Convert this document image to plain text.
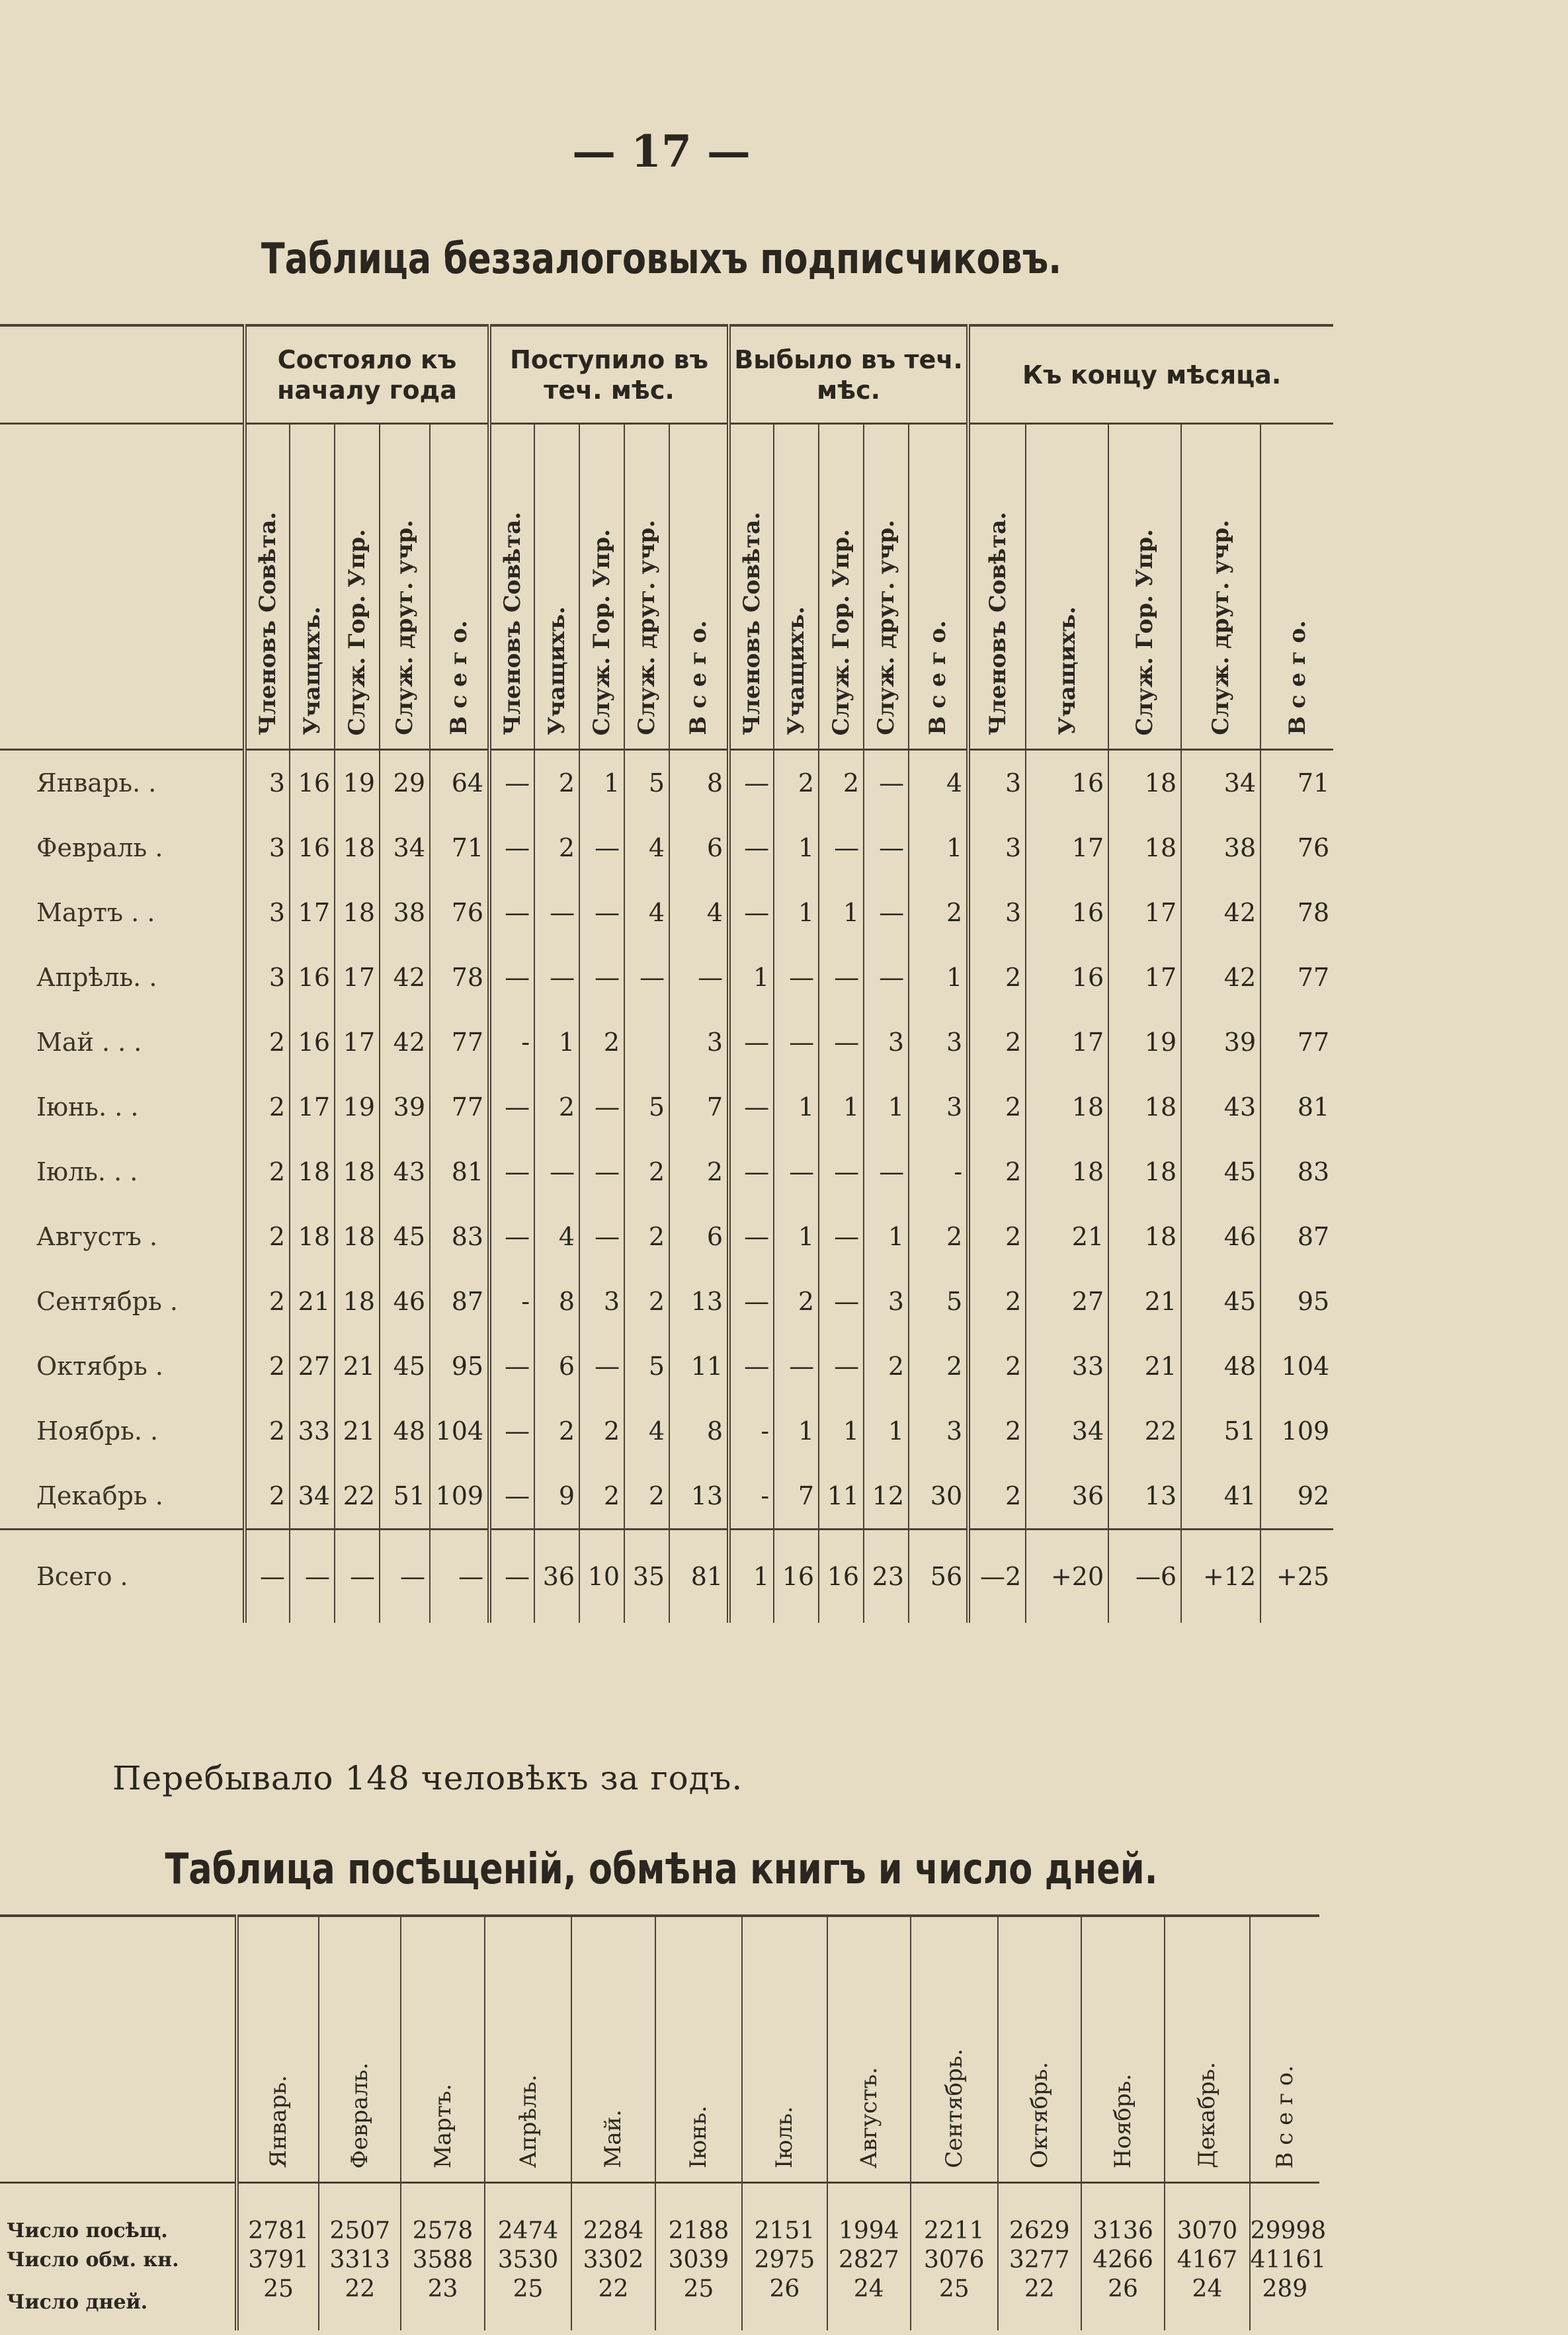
— 17 —
Таблица беззалоговыхъ подписчиковъ.
	Состояло къ началу года					Поступило въ теч. мѣс.					Выбыло въ теч. мѣс.					Къ концу мѣсяца.				

	Членовъ Совѣта.	Учащихъ.	Служ. Гор. Упр.	Служ. друг. учр.	В с е г о.	Членовъ Совѣта.	Учащихъ.	Служ. Гор. Упр.	Служ. друг. учр.	В с е г о.	Членовъ Совѣта.	Учащихъ.	Служ. Гор. Упр.	Служ. друг. учр.	В с е г о.	Членовъ Совѣта.	Учащихъ.	Служ. Гор. Упр.	Служ. друг. учр.	В с е г о.

Январь. .	3	16	19	29	64	—	2	1	5	8	—	2	2	—	4	3	16	18	34	71
Февраль .	3	16	18	34	71	—	2	—	4	6	—	1	—	—	1	3	17	18	38	76
Мартъ . .	3	17	18	38	76	—	—	—	4	4	—	1	1	—	2	3	16	17	42	78
Апрѣль. .	3	16	17	42	78	—	—	—	—	—	1	—	—	—	1	2	16	17	42	77
Май . . .	2	16	17	42	77	-	1	2		3	—	—	—	3	3	2	17	19	39	77
Іюнь. . .	2	17	19	39	77	—	2	—	5	7	—	1	1	1	3	2	18	18	43	81
Іюль. . .	2	18	18	43	81	—	—	—	2	2	—	—	—	—	-	2	18	18	45	83
Августъ .	2	18	18	45	83	—	4	—	2	6	—	1	—	1	2	2	21	18	46	87
Сентябрь .	2	21	18	46	87	-	8	3	2	13	—	2	—	3	5	2	27	21	45	95
Октябрь .	2	27	21	45	95	—	6	—	5	11	—	—	—	2	2	2	33	21	48	104
Ноябрь. .	2	33	21	48	104	—	2	2	4	8	-	1	1	1	3	2	34	22	51	109
Декабрь .	2	34	22	51	109	—	9	2	2	13	-	7	11	12	30	2	36	13	41	92
Всего .	—	—	—	—	—	—	36	10	35	81	1	16	16	23	56	—2	+20	—6	+12	+25
Перебывало 148 человѣкъ за годъ.
Таблица посѣщеній, обмѣна книгъ и число дней.

	Январь.	Февраль.	Мартъ.	Апрѣль.	Май.	Іюнь.	Іюль.	Августъ.	Сентябрь.	Октябрь.	Ноябрь.	Декабрь.	В с е г о.

Число посѣщ.	2781	2507	2578	2474	2284	2188	2151	1994	2211	2629	3136	3070	29998
Число обм. кн.	3791	3313	3588	3530	3302	3039	2975	2827	3076	3277	4266	4167	41161
Число дней.	25	22	23	25	22	25	26	24	25	22	26	24	289
